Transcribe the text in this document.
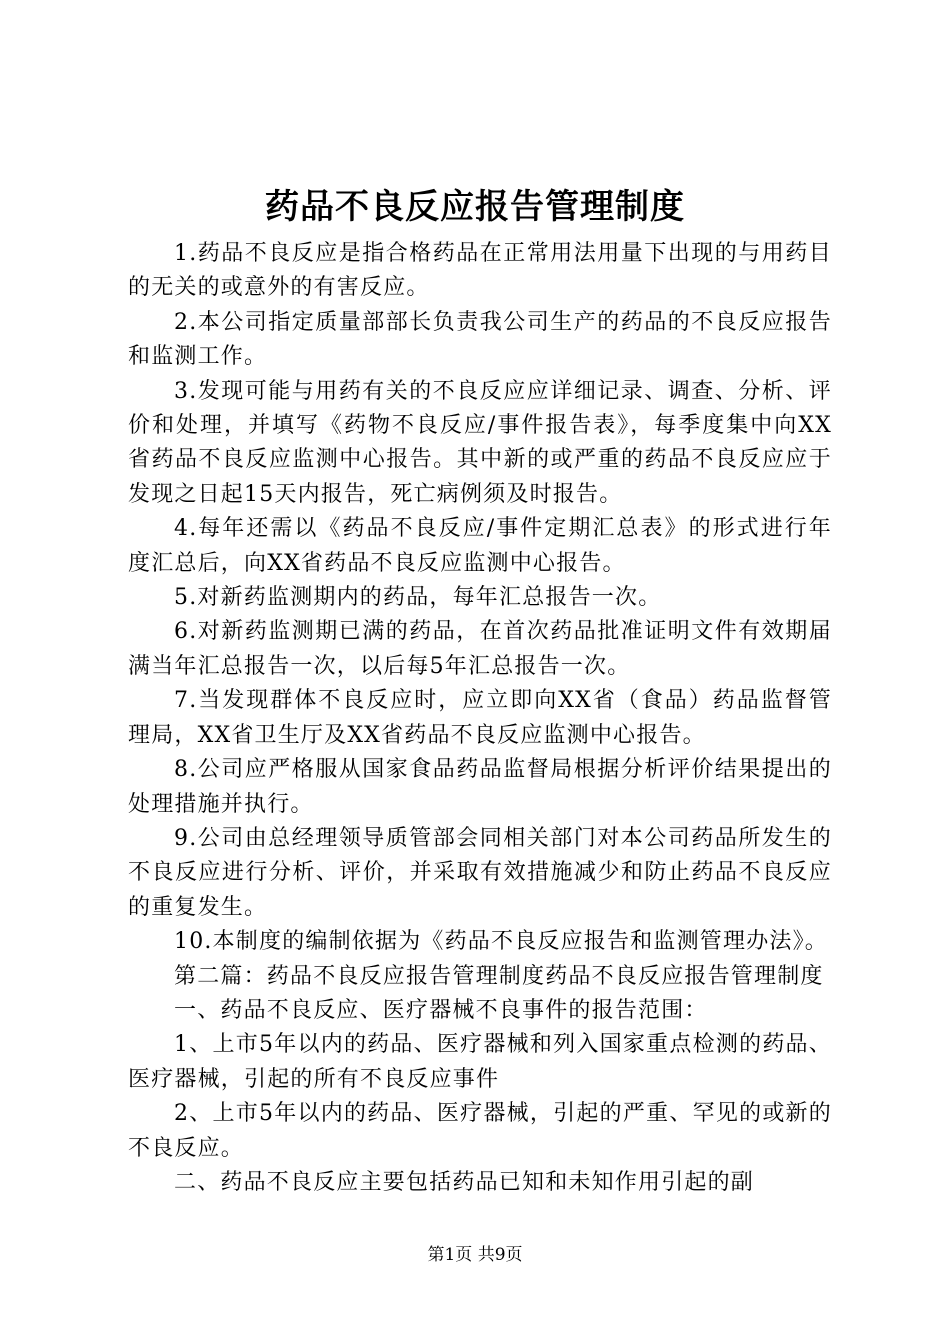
药品不良反应报告管理制度

1.药品不良反应是指合格药品在正常用法用量下出现的与用药目的无关的或意外的有害反应。

2.本公司指定质量部部长负责我公司生产的药品的不良反应报告和监测工作。

3.发现可能与用药有关的不良反应应详细记录、调查、分析、评价和处理，并填写《药物不良反应/事件报告表》，每季度集中向XX省药品不良反应监测中心报告。其中新的或严重的药品不良反应应于发现之日起15天内报告，死亡病例须及时报告。

4.每年还需以《药品不良反应/事件定期汇总表》的形式进行年度汇总后，向XX省药品不良反应监测中心报告。

5.对新药监测期内的药品，每年汇总报告一次。

6.对新药监测期已满的药品，在首次药品批准证明文件有效期届满当年汇总报告一次，以后每5年汇总报告一次。

7.当发现群体不良反应时，应立即向XX省（食品）药品监督管理局，XX省卫生厅及XX省药品不良反应监测中心报告。

8.公司应严格服从国家食品药品监督局根据分析评价结果提出的处理措施并执行。

9.公司由总经理领导质管部会同相关部门对本公司药品所发生的不良反应进行分析、评价，并采取有效措施减少和防止药品不良反应的重复发生。

10.本制度的编制依据为《药品不良反应报告和监测管理办法》。

第二篇：药品不良反应报告管理制度药品不良反应报告管理制度

一、药品不良反应、医疗器械不良事件的报告范围：

1、上市5年以内的药品、医疗器械和列入国家重点检测的药品、医疗器械，引起的所有不良反应事件

2、上市5年以内的药品、医疗器械，引起的严重、罕见的或新的不良反应。

二、药品不良反应主要包括药品已知和未知作用引起的副

第1页 共9页
